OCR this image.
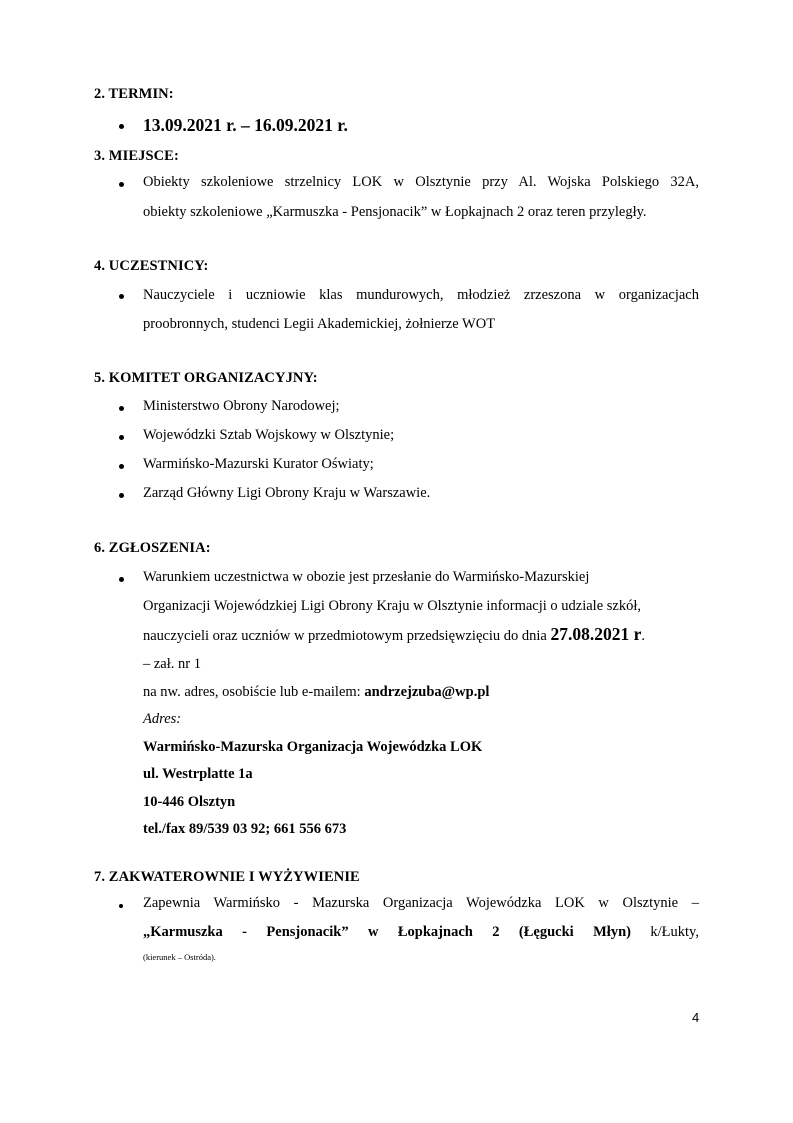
2. TERMIN:
13.09.2021 r. – 16.09.2021 r.
3. MIEJSCE:
Obiekty szkoleniowe strzelnicy LOK w Olsztynie przy Al. Wojska Polskiego 32A,
obiekty szkoleniowe „Karmuszka - Pensjonacik” w Łopkajnach 2 oraz teren przyległy.
4. UCZESTNICY:
Nauczyciele i uczniowie klas mundurowych, młodzież zrzeszona w organizacjach
proobronnych, studenci Legii Akademickiej, żołnierze WOT
5. KOMITET ORGANIZACYJNY:
Ministerstwo Obrony Narodowej;
Wojewódzki Sztab Wojskowy w Olsztynie;
Warmińsko-Mazurski Kurator Oświaty;
Zarząd Główny Ligi Obrony Kraju w Warszawie.
6. ZGŁOSZENIA:
Warunkiem uczestnictwa w obozie jest przesłanie do Warmińsko-Mazurskiej
Organizacji Wojewódzkiej Ligi Obrony Kraju w Olsztynie informacji o udziale szkół,
nauczycieli oraz uczniów w przedmiotowym przedsięwzięciu do dnia 27.08.2021 r.
– zał. nr 1
na nw. adres, osobiście lub e-mailem: andrzejzuba@wp.pl
Adres:
Warmińsko-Mazurska Organizacja Wojewódzka LOK
ul. Westrplatte 1a
10-446 Olsztyn
tel./fax 89/539 03 92; 661 556 673
7. ZAKWATEROWNIE I WYŻYWIENIE
Zapewnia Warmińsko - Mazurska Organizacja Wojewódzka LOK w Olsztynie –
„Karmuszka - Pensjonacik” w Łopkajnach 2 (Łęgucki Młyn) k/Łukty,
(kierunek – Ostróda).
4
